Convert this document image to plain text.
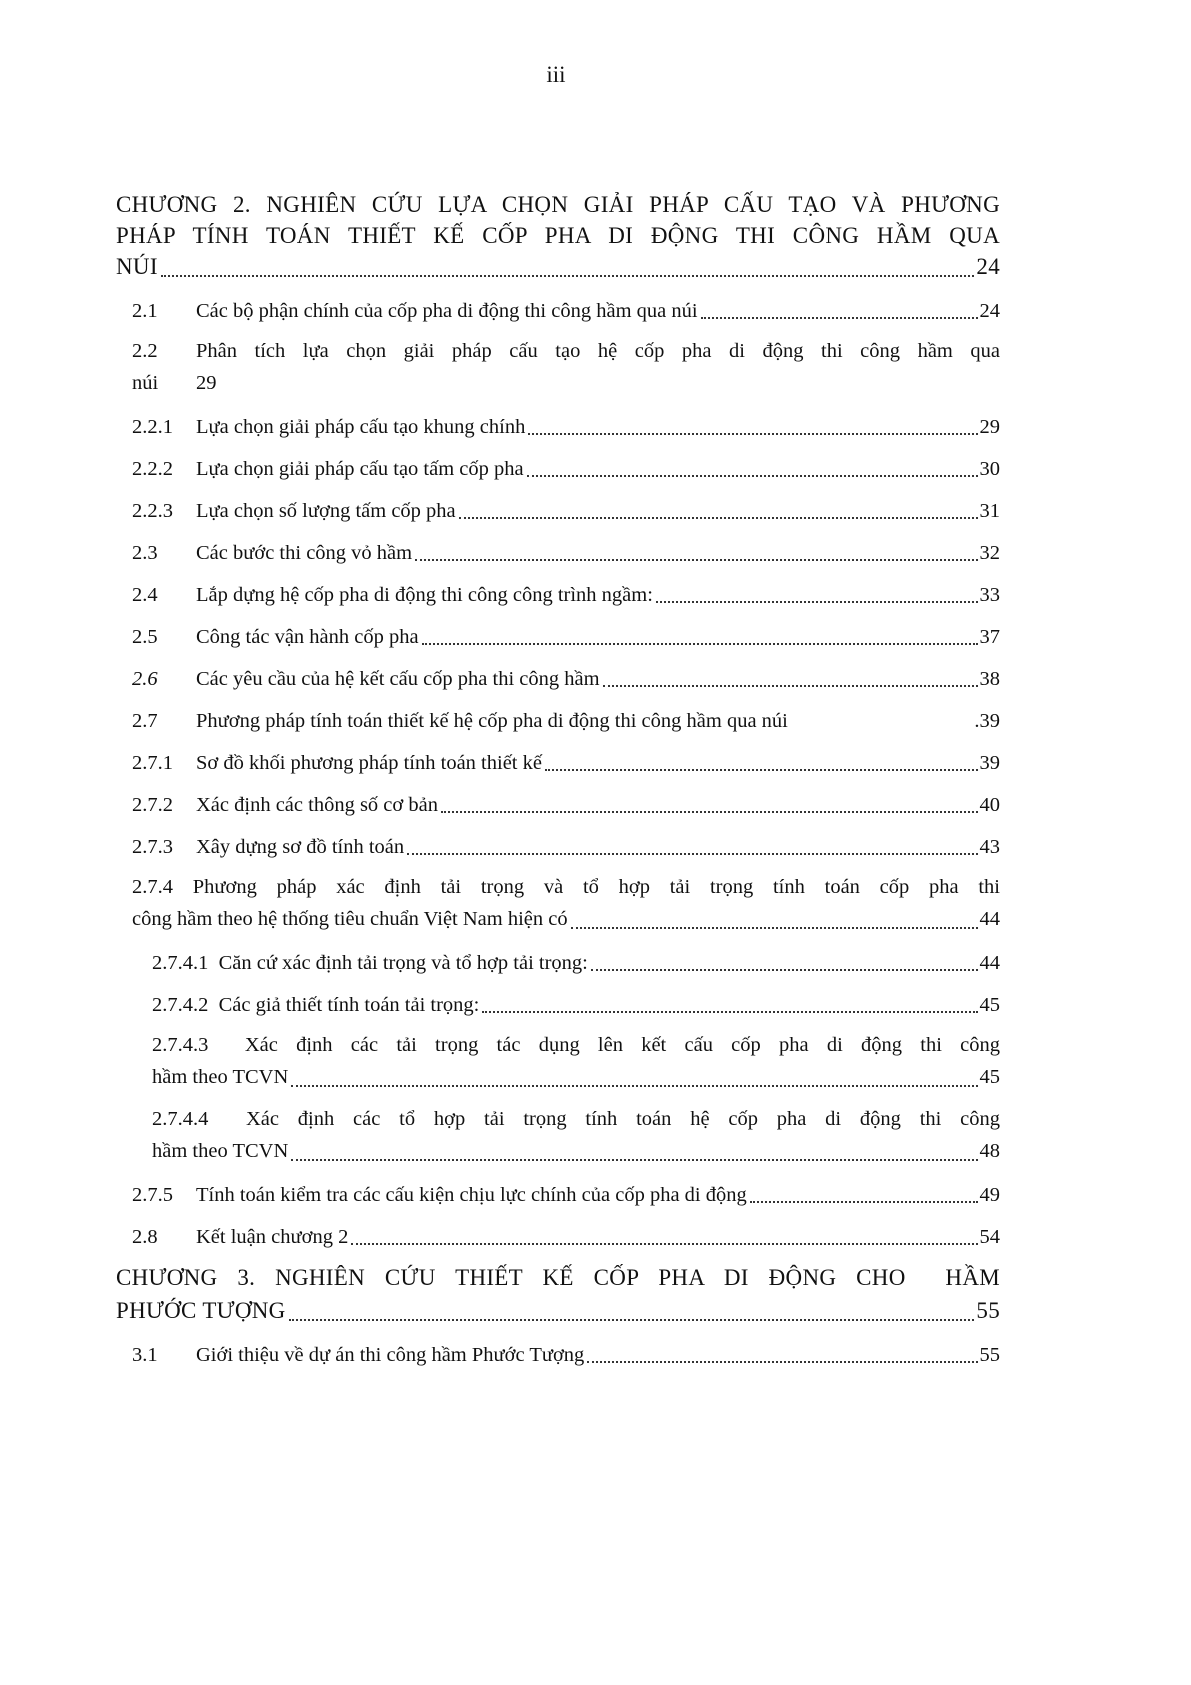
iii
CHƯƠNG 2. NGHIÊN CỨU LỰA CHỌN GIẢI PHÁP CẤU TẠO VÀ PHƯƠNG
PHÁP TÍNH TOÁN THIẾT KẾ CỐP PHA DI ĐỘNG THI CÔNG HẦM QUA
NÚI	24
2.1 Các bộ phận chính của cốp pha di động thi công hầm qua núi	24
2.2 Phân tích lựa chọn giải pháp cấu tạo hệ cốp pha di động thi công hầm qua
núi 29
2.2.1 Lựa chọn giải pháp cấu tạo khung chính	29
2.2.2 Lựa chọn giải pháp cấu tạo tấm cốp pha	30
2.2.3 Lựa chọn số lượng tấm cốp pha	31
2.3 Các bước thi công vỏ hầm	32
2.4 Lắp dựng hệ cốp pha di động thi công công trình ngầm:	33
2.5 Công tác vận hành cốp pha	37
2.6 Các yêu cầu của hệ kết cấu cốp pha thi công hầm	38
2.7 Phương pháp tính toán thiết kế hệ cốp pha di động thi công hầm qua núi	.39
2.7.1 Sơ đồ khối phương pháp tính toán thiết kế	39
2.7.2 Xác định các thông số cơ bản	40
2.7.3 Xây dựng sơ đồ tính toán	43
2.7.4 Phương pháp xác định tải trọng và tổ hợp tải trọng tính toán cốp pha thi
công hầm theo hệ thống tiêu chuẩn Việt Nam hiện có	44
2.7.4.1 Căn cứ xác định tải trọng và tổ hợp tải trọng:	44
2.7.4.2 Các giả thiết tính toán tải trọng:	45
2.7.4.3 Xác định các tải trọng tác dụng lên kết cấu cốp pha di động thi công
hầm theo TCVN	45
2.7.4.4 Xác định các tổ hợp tải trọng tính toán hệ cốp pha di động thi công
hầm theo TCVN	48
2.7.5 Tính toán kiểm tra các cấu kiện chịu lực chính của cốp pha di động	49
2.8 Kết luận chương 2	54
CHƯƠNG 3. NGHIÊN CỨU THIẾT KẾ CỐP PHA DI ĐỘNG CHO  HẦM
PHƯỚC TƯỢNG	55
3.1 Giới thiệu về dự án thi công hầm Phước Tượng	55
